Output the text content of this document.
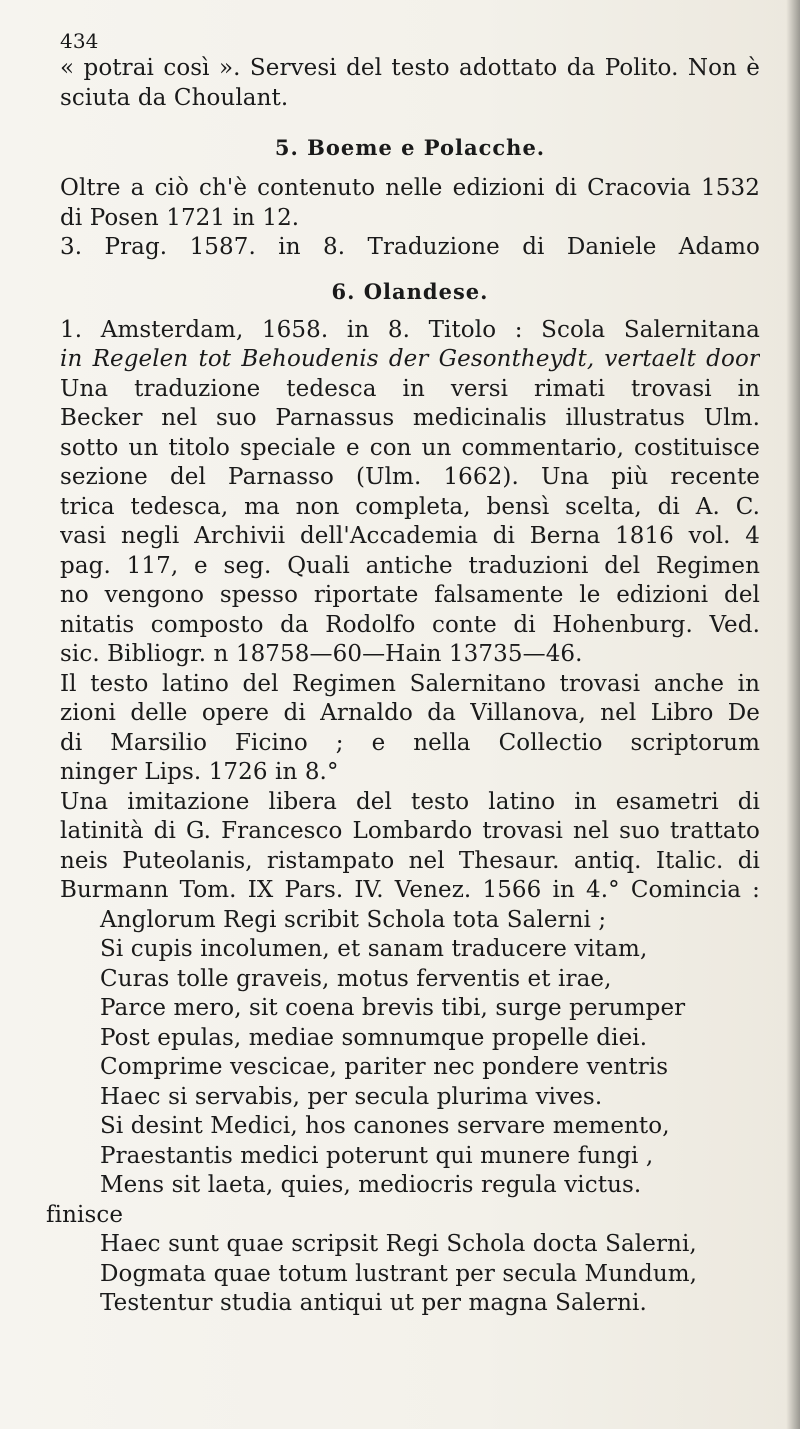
434
« potrai così ». Servesi del testo adottato da Polito. Non è
sciuta da Choulant.
5. Boeme e Polacche.
Oltre a ciò ch'è contenuto nelle edizioni di Cracovia 1532
di Posen 1721 in 12.
3. Prag. 1587. in 8. Traduzione di Daniele Adamo
6. Olandese.
1. Amsterdam, 1658. in 8. Titolo : Scola Salernitana
in Regelen tot Behoudenis der Gesontheydt, vertaelt door
Una traduzione tedesca in versi rimati trovasi in
Becker nel suo Parnassus medicinalis illustratus Ulm.
sotto un titolo speciale e con un commentario, costituisce
sezione del Parnasso (Ulm. 1662). Una più recente
trica tedesca, ma non completa, bensì scelta, di A. C.
vasi negli Archivii dell'Accademia di Berna 1816 vol. 4
pag. 117, e seg. Quali antiche traduzioni del Regimen
no vengono spesso riportate falsamente le edizioni del
nitatis composto da Rodolfo conte di Hohenburg. Ved.
sic. Bibliogr. n 18758—60—Hain 13735—46.
Il testo latino del Regimen Salernitano trovasi anche in
zioni delle opere di Arnaldo da Villanova, nel Libro De
di Marsilio Ficino ; e nella Collectio scriptorum
ninger Lips. 1726 in 8.°
Una imitazione libera del testo latino in esametri di
latinità di G. Francesco Lombardo trovasi nel suo trattato
neis Puteolanis, ristampato nel Thesaur. antiq. Italic. di
Burmann Tom. IX Pars. IV. Venez. 1566 in 4.° Comincia :
Anglorum Regi scribit Schola tota Salerni ;
Si cupis incolumen, et sanam traducere vitam,
Curas tolle graveis, motus ferventis et irae,
Parce mero, sit coena brevis tibi, surge perumper
Post epulas, mediae somnumque propelle diei.
Comprime vescicae, pariter nec pondere ventris
Haec si servabis, per secula plurima vives.
Si desint Medici, hos canones servare memento,
Praestantis medici poterunt qui munere fungi ,
Mens sit laeta, quies, mediocris regula victus.
finisce
Haec sunt quae scripsit Regi Schola docta Salerni,
Dogmata quae totum lustrant per secula Mundum,
Testentur studia antiqui ut per magna Salerni.
